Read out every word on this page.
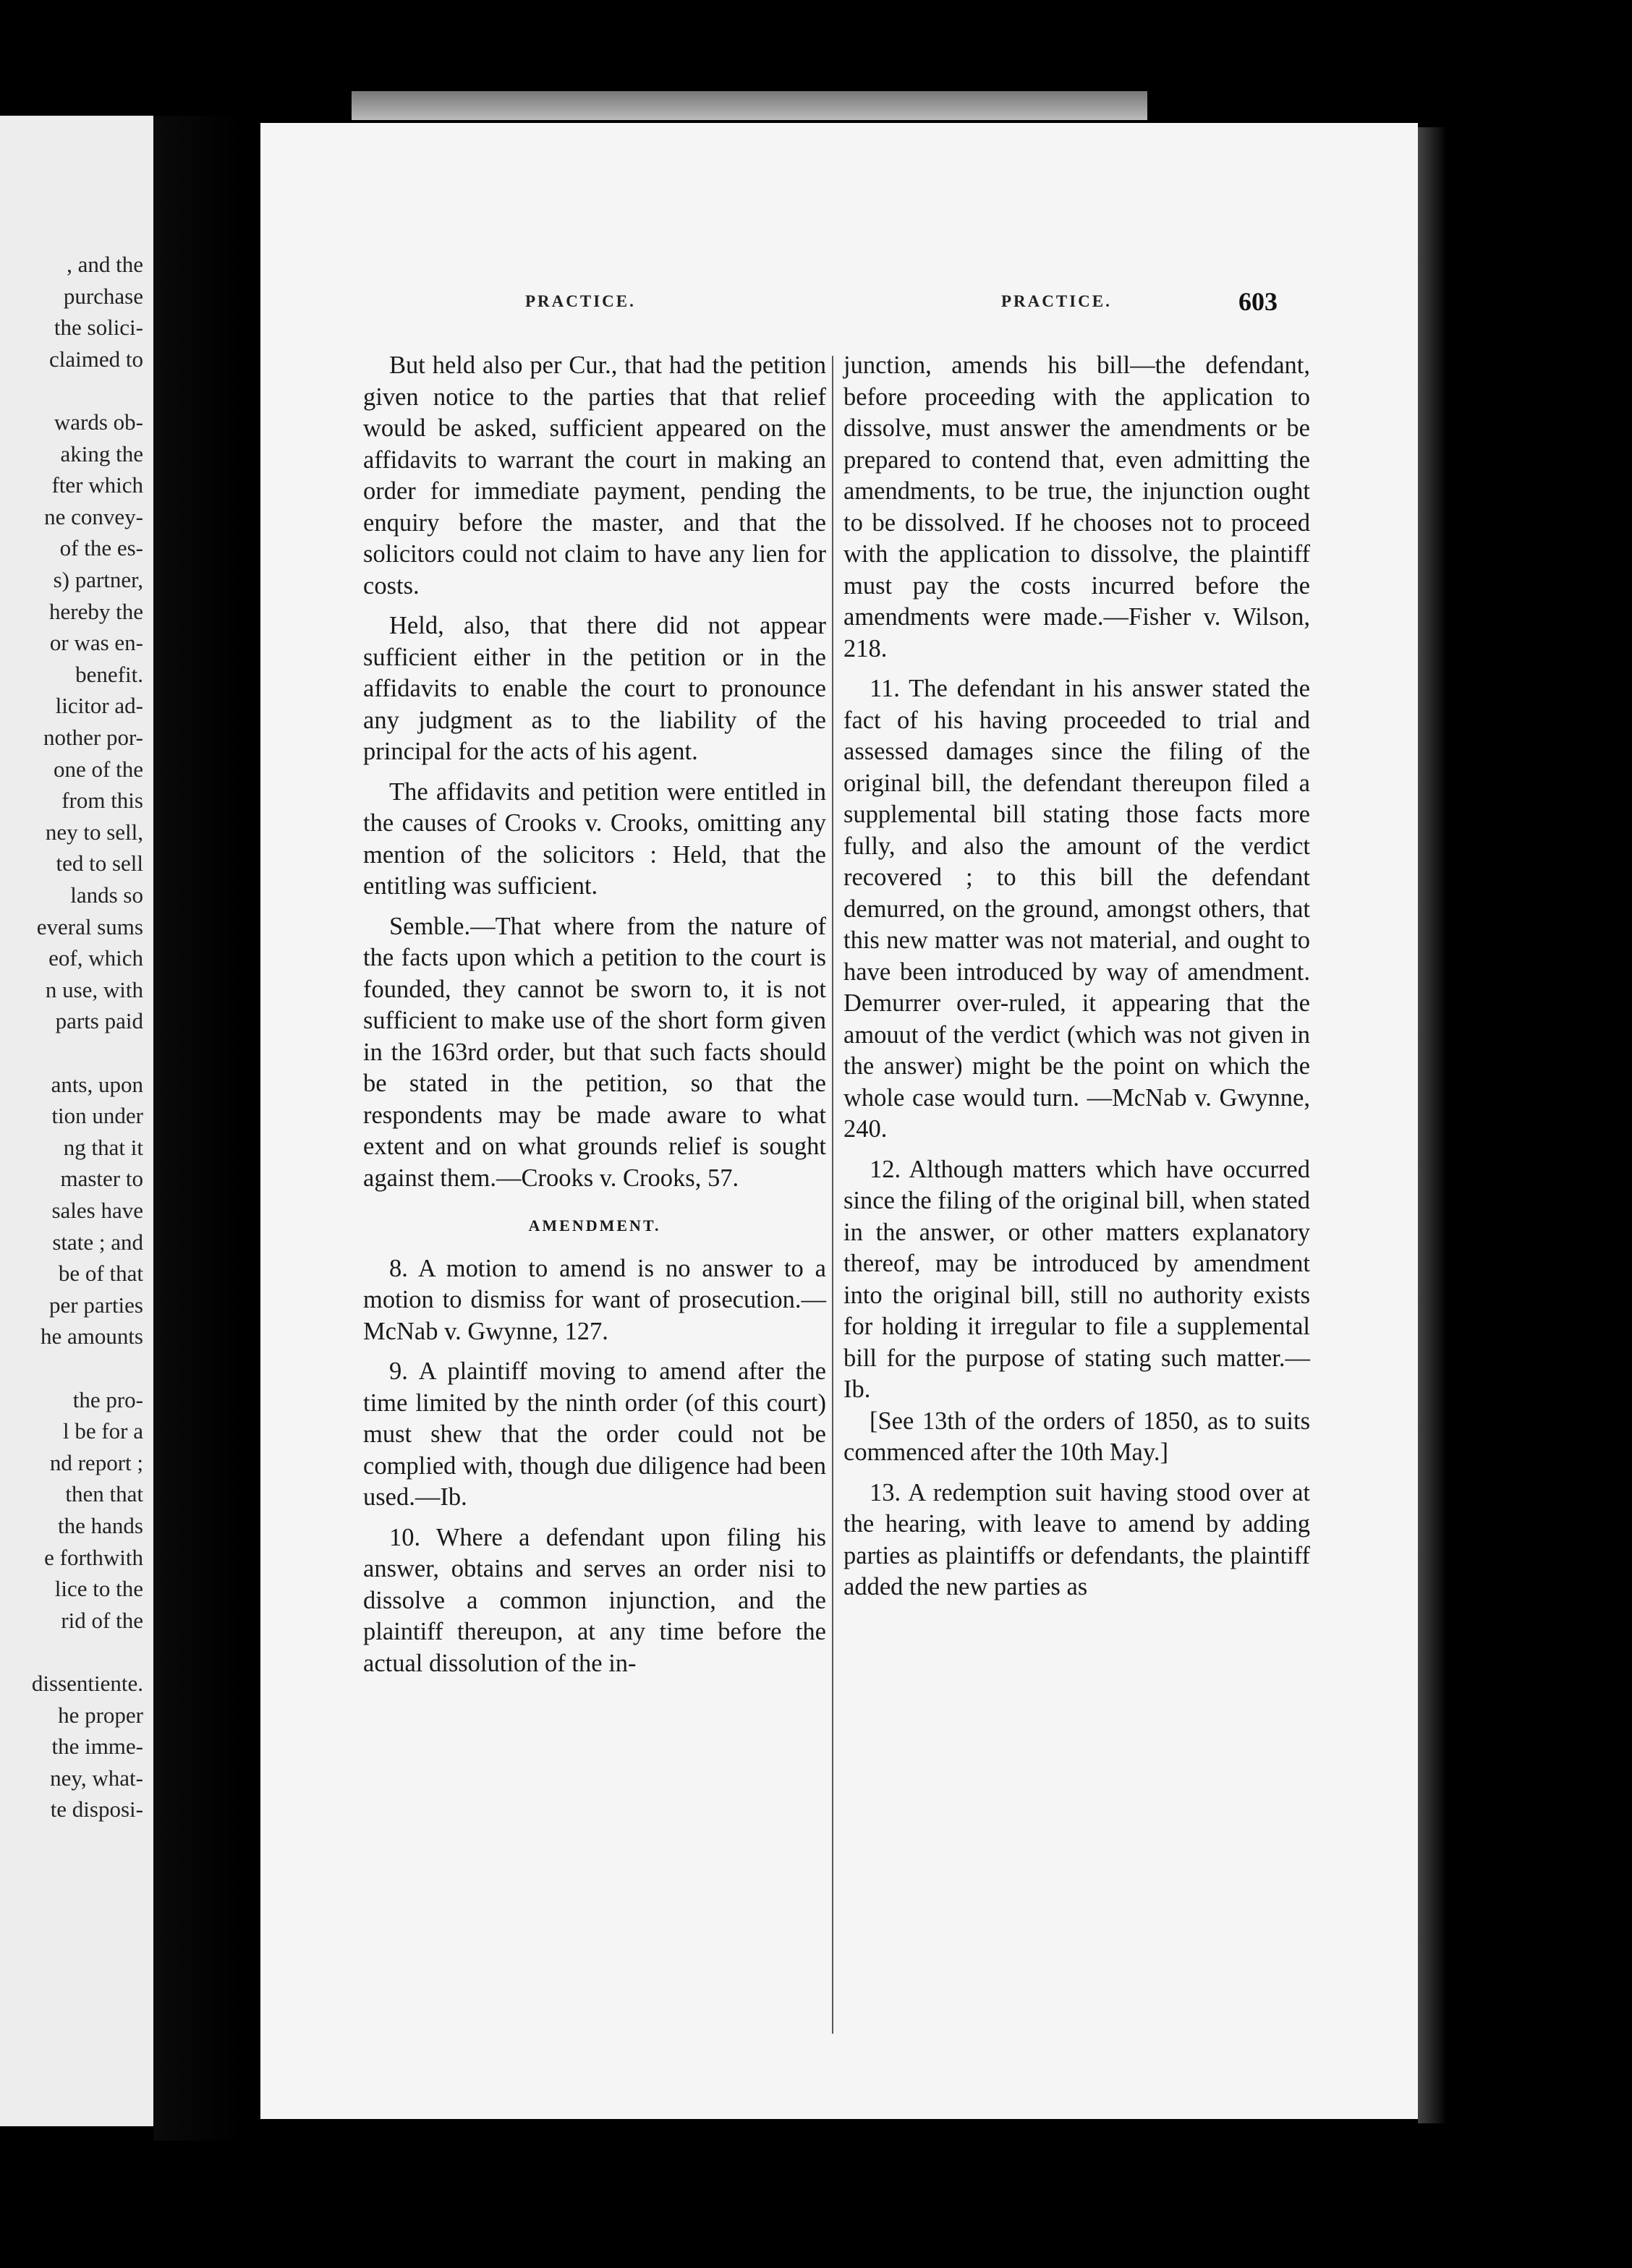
, and the
purchase
the solici-
claimed to
wards ob-
aking the
fter which
ne convey-
of the es-
s) partner,
hereby the
or was en-
benefit.
licitor ad-
nother por-
one of the
from this
ney to sell,
ted to sell
lands so
everal sums
eof, which
n use, with
parts paid
ants, upon
tion under
ng that it
master to
sales have
state ; and
be of that
per parties
he amounts
the pro-
l be for a
nd report ;
then that
the hands
e forthwith
lice to the
rid of the
dissentiente.
he proper
the imme-
ney, what-
te disposi-
PRACTICE.	PRACTICE.	603

But held also per Cur., that had the petition given notice to the parties that that relief would be asked, sufficient appeared on the affidavits to warrant the court in making an order for immediate payment, pending the enquiry before the master, and that the solicitors could not claim to have any lien for costs.

Held, also, that there did not appear sufficient either in the petition or in the affidavits to enable the court to pronounce any judgment as to the liability of the principal for the acts of his agent.

The affidavits and petition were entitled in the causes of Crooks v. Crooks, omitting any mention of the solicitors : Held, that the entitling was sufficient.

Semble.—That where from the nature of the facts upon which a petition to the court is founded, they cannot be sworn to, it is not sufficient to make use of the short form given in the 163rd order, but that such facts should be stated in the petition, so that the respondents may be made aware to what extent and on what grounds relief is sought against them.—Crooks v. Crooks, 57.

AMENDMENT.

8. A motion to amend is no answer to a motion to dismiss for want of prosecution.—McNab v. Gwynne, 127.

9. A plaintiff moving to amend after the time limited by the ninth order (of this court) must shew that the order could not be complied with, though due diligence had been used.—Ib.

10. Where a defendant upon filing his answer, obtains and serves an order nisi to dissolve a common injunction, and the plaintiff thereupon, at any time before the actual dissolution of the in-

junction, amends his bill—the defendant, before proceeding with the application to dissolve, must answer the amendments or be prepared to contend that, even admitting the amendments, to be true, the injunction ought to be dissolved. If he chooses not to proceed with the application to dissolve, the plaintiff must pay the costs incurred before the amendments were made.—Fisher v. Wilson, 218.

11. The defendant in his answer stated the fact of his having proceeded to trial and assessed damages since the filing of the original bill, the defendant thereupon filed a supplemental bill stating those facts more fully, and also the amount of the verdict recovered ; to this bill the defendant demurred, on the ground, amongst others, that this new matter was not material, and ought to have been introduced by way of amendment. Demurrer over-ruled, it appearing that the amouut of the verdict (which was not given in the answer) might be the point on which the whole case would turn. —McNab v. Gwynne, 240.

12. Although matters which have occurred since the filing of the original bill, when stated in the answer, or other matters explanatory thereof, may be introduced by amendment into the original bill, still no authority exists for holding it irregular to file a supplemental bill for the purpose of stating such matter.—Ib.

[See 13th of the orders of 1850, as to suits commenced after the 10th May.]

13. A redemption suit having stood over at the hearing, with leave to amend by adding parties as plaintiffs or defendants, the plaintiff added the new parties as
